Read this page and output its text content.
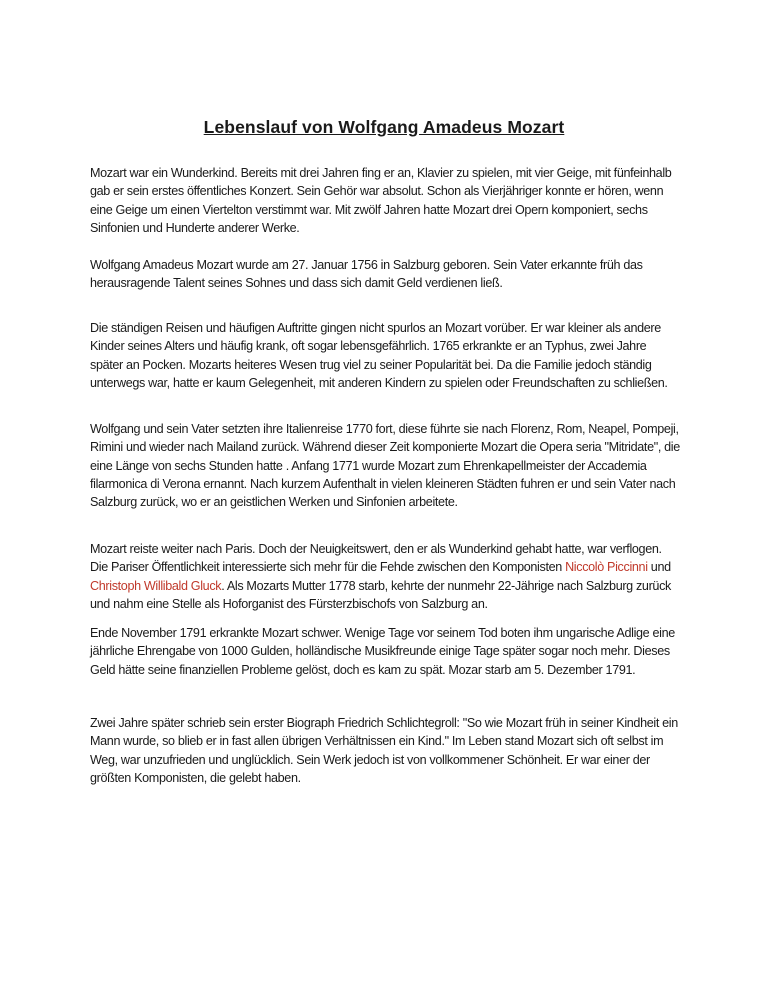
Lebenslauf von Wolfgang Amadeus Mozart

Mozart war ein Wunderkind. Bereits mit drei Jahren fing er an, Klavier zu spielen, mit vier Geige, mit fünfeinhalb gab er sein erstes öffentliches Konzert. Sein Gehör war absolut. Schon als Vierjähriger konnte er hören, wenn eine Geige um einen Viertelton verstimmt war. Mit zwölf Jahren hatte Mozart drei Opern komponiert, sechs Sinfonien und Hunderte anderer Werke.

Wolfgang Amadeus Mozart wurde am 27. Januar 1756 in Salzburg geboren. Sein Vater erkannte früh das herausragende Talent seines Sohnes und dass sich damit Geld verdienen ließ.

Die ständigen Reisen und häufigen Auftritte gingen nicht spurlos an Mozart vorüber. Er war kleiner als andere Kinder seines Alters und häufig krank, oft sogar lebensgefährlich. 1765 erkrankte er an Typhus, zwei Jahre später an Pocken. Mozarts heiteres Wesen trug viel zu seiner Popularität bei. Da die Familie jedoch ständig unterwegs war, hatte er kaum Gelegenheit, mit anderen Kindern zu spielen oder Freundschaften zu schließen.

Wolfgang und sein Vater setzten ihre Italienreise 1770 fort, diese führte sie nach Florenz, Rom, Neapel, Pompeji, Rimini und wieder nach Mailand zurück. Während dieser Zeit komponierte Mozart die Opera seria "Mitridate", die eine Länge von sechs Stunden hatte . Anfang 1771 wurde Mozart zum Ehrenkapellmeister der Accademia filarmonica di Verona ernannt. Nach kurzem Aufenthalt in vielen kleineren Städten fuhren er und sein Vater nach Salzburg zurück, wo er an geistlichen Werken und Sinfonien arbeitete.

Mozart reiste weiter nach Paris. Doch der Neuigkeitswert, den er als Wunderkind gehabt hatte, war verflogen. Die Pariser Öffentlichkeit interessierte sich mehr für die Fehde zwischen den Komponisten Niccolò Piccinni und Christoph Willibald Gluck. Als Mozarts Mutter 1778 starb, kehrte der nunmehr 22-Jährige nach Salzburg zurück und nahm eine Stelle als Hoforganist des Fürsterzbischofs von Salzburg an.

Ende November 1791 erkrankte Mozart schwer. Wenige Tage vor seinem Tod boten ihm ungarische Adlige eine jährliche Ehrengabe von 1000 Gulden, holländische Musikfreunde einige Tage später sogar noch mehr. Dieses Geld hätte seine finanziellen Probleme gelöst, doch es kam zu spät. Mozar starb am 5. Dezember 1791.

Zwei Jahre später schrieb sein erster Biograph Friedrich Schlichtegroll: "So wie Mozart früh in seiner Kindheit ein Mann wurde, so blieb er in fast allen übrigen Verhältnissen ein Kind." Im Leben stand Mozart sich oft selbst im Weg, war unzufrieden und unglücklich. Sein Werk jedoch ist von vollkommener Schönheit. Er war einer der größten Komponisten, die gelebt haben.
